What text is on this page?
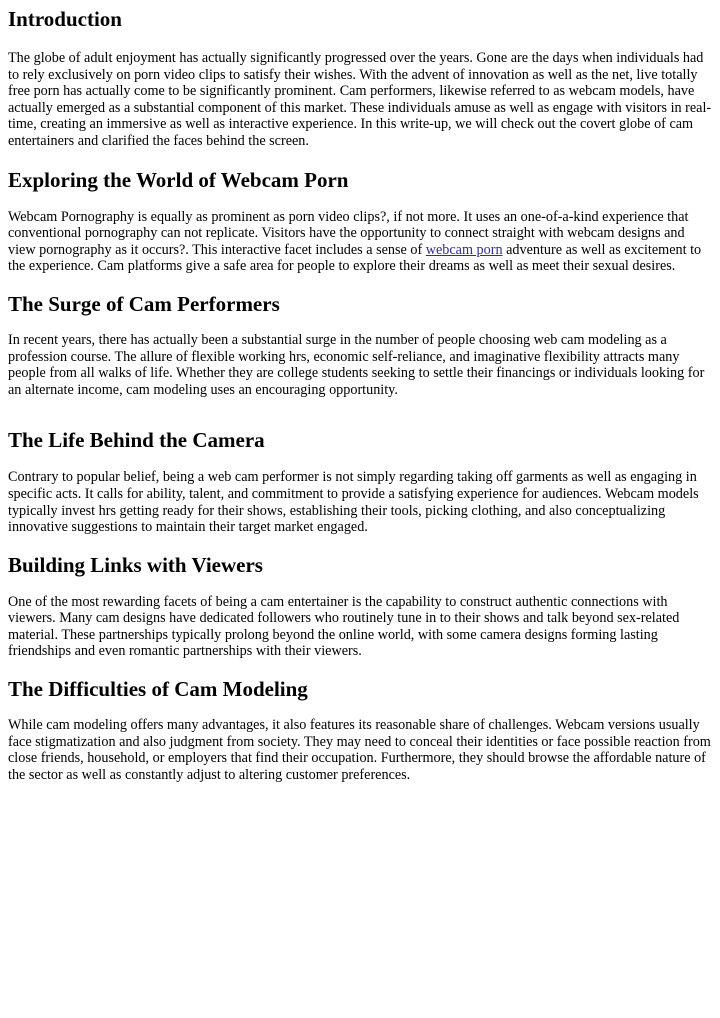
Introduction

The globe of adult enjoyment has actually significantly progressed over the years. Gone are the days when individuals had to rely exclusively on porn video clips to satisfy their wishes. With the advent of innovation as well as the net, live totally free porn has actually come to be significantly prominent. Cam performers, likewise referred to as webcam models, have actually emerged as a substantial component of this market. These individuals amuse as well as engage with visitors in real-time, creating an immersive as well as interactive experience. In this write-up, we will check out the covert globe of cam entertainers and clarified the faces behind the screen.

Exploring the World of Webcam Porn

Webcam Pornography is equally as prominent as porn video clips?, if not more. It uses an one-of-a-kind experience that conventional pornography can not replicate. Visitors have the opportunity to connect straight with webcam designs and view pornography as it occurs?. This interactive facet includes a sense of webcam porn adventure as well as excitement to the experience. Cam platforms give a safe area for people to explore their dreams as well as meet their sexual desires.

The Surge of Cam Performers

In recent years, there has actually been a substantial surge in the number of people choosing web cam modeling as a profession course. The allure of flexible working hrs, economic self-reliance, and imaginative flexibility attracts many people from all walks of life. Whether they are college students seeking to settle their financings or individuals looking for an alternate income, cam modeling uses an encouraging opportunity.

The Life Behind the Camera

Contrary to popular belief, being a web cam performer is not simply regarding taking off garments as well as engaging in specific acts. It calls for ability, talent, and commitment to provide a satisfying experience for audiences. Webcam models typically invest hrs getting ready for their shows, establishing their tools, picking clothing, and also conceptualizing innovative suggestions to maintain their target market engaged.

Building Links with Viewers

One of the most rewarding facets of being a cam entertainer is the capability to construct authentic connections with viewers. Many cam designs have dedicated followers who routinely tune in to their shows and talk beyond sex-related material. These partnerships typically prolong beyond the online world, with some camera designs forming lasting friendships and even romantic partnerships with their viewers.

The Difficulties of Cam Modeling

While cam modeling offers many advantages, it also features its reasonable share of challenges. Webcam versions usually face stigmatization and also judgment from society. They may need to conceal their identities or face possible reaction from close friends, household, or employers that find their occupation. Furthermore, they should browse the affordable nature of the sector as well as constantly adjust to altering customer preferences.
